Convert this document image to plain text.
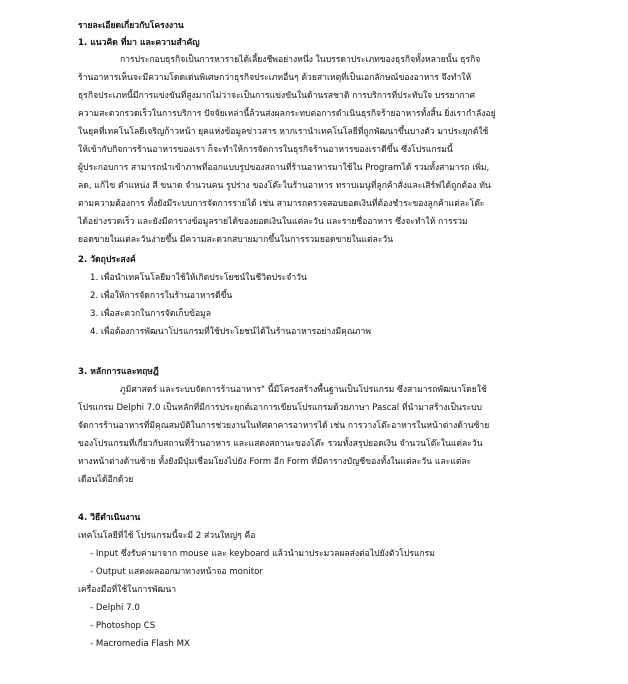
รายละเอียดเกี่ยวกับโครงงาน
1. แนวคิด ที่มา และความสำคัญ
การประกอบธุรกิจเป็นการหารายได้เลี้ยงชีพอย่างหนึ่ง ในบรรดาประเภทของธุรกิจทั้งหลายนั้น ธุรกิจ
ร้านอาหารเห็นจะมีความโดดเด่นพิเศษกว่าธุรกิจประเภทอื่นๆ ด้วยสาเหตุที่เป็นเอกลักษณ์ของอาหาร จึงทำให้
ธุรกิจประเภทนี้มีการแข่งขันที่สูงมากไม่ว่าจะเป็นการแข่งขันในด้านรสชาติ การบริการที่ประทับใจ บรรยากาศ
ความสะดวกรวดเร็วในการบริการ ปัจจัยเหล่านี้ล้วนส่งผลกระทบต่อการดำเนินธุรกิจร้ายอาหารทั้งสิ้น ยิ่งเรากำลังอยู่
ในยุคที่เทคโนโลยีเจริญก้าวหน้า ยุคแห่งข้อมูลข่าวสาร หากเรานำเทคโนโลยีที่ถูกพัฒนาขึ้นบางตัว มาประยุกต์ใช้
ให้เข้ากับกิจการร้านอาหารของเรา ก็จะทำให้การจัดการในธุรกิจร้านอาหารของเราดีขึ้น ซึ่งโปรแกรมนี้
ผู้ประกอบการ สามารถนำเข้าภาพที่ออกแบบรูปของสถานที่ร้านอาหารมาใช้ใน Programได้ รวมทั้งสามารถ เพิ่ม,
ลด, แก้ไข ตำแหน่ง สี ขนาด จำนวนคน รูปร่าง ของโต๊ะในร้านอาหาร ทราบเมนูที่ลูกค้าสั่งและเสิร์ฟได้ถูกต้อง ทัน
ตามความต้องการ ทั้งยังมีระบบการจัดการรายได้ เช่น สามารถตรวจสอบยอดเงินที่ต้องชำระของลูกค้าแต่ละโต๊ะ
ได้อย่างรวดเร็ว และยังมีตารางข้อมูลรายได้ของยอดเงินในแต่ละวัน และรายชื่ออาหาร ซึ่งจะทำให้ การรวม
ยอดขายในแต่ละวันง่ายขึ้น มีความสะดวกสบายมากขึ้นในการรวมยอดขายในแต่ละวัน
2. วัตถุประสงค์
1. เพื่อนำเทคโนโลยีมาใช้ให้เกิดประโยชน์ในชีวิตประจำวัน
2. เพื่อให้การจัดการในร้านอาหารดีขึ้น
3. เพื่อสะดวกในการจัดเก็บข้อมูล
4. เพื่อต้องการพัฒนาโปรแกรมที่ใช้ประโยชน์ได้ในร้านอาหารอย่างมีคุณภาพ
3. หลักการและทฤษฎี
ภูมิศาสตร์ และระบบจัดการร้านอาหาร" นี้มีโครงสร้างพื้นฐานเป็นโปรแกรม ซึ่งสามารถพัฒนาโดยใช้
โปรแกรม Delphi 7.0 เป็นหลักที่มีการประยุกต์เอาการเขียนโปรแกรมด้วยภาษา Pascal ที่นำมาสร้างเป็นระบบ
จัดการร้านอาหารที่มีคุณสมบัติในการช่วยงานในทัศตาคารอาหารได้ เช่น การวางโต๊ะอาหารในหน้าต่างด้านซ้าย
ของโปรแกรมที่เกี่ยวกับสถานที่ร้านอาหาร และแสดงสถานะของโต๊ะ รวมทั้งสรุปยอดเงิน จำนวนโต๊ะในแต่ละวัน
ทางหน้าต่างด้านซ้าย ทั้งยังมีปุ่มเชื่อมโยงไปยัง Form อีก Form ที่มีตารางบัญชีของทั้งในแต่ละวัน และแต่ละ
เดือนได้อีกด้วย
4. วิธีดำเนินงาน
เทคโนโลยีที่ใช้ โปรแกรมนี้จะมี 2 ส่วนใหญ่ๆ คือ
- Input ซึ่งรับค่ามาจาก mouse และ keyboard แล้วนำมาประมวลผลส่งต่อไปยังตัวโปรแกรม
- Output แสดงผลออกมาทางหน้าจอ monitor
เครื่องมือที่ใช้ในการพัฒนา
- Delphi 7.0
- Photoshop CS
- Macromedia Flash MX
